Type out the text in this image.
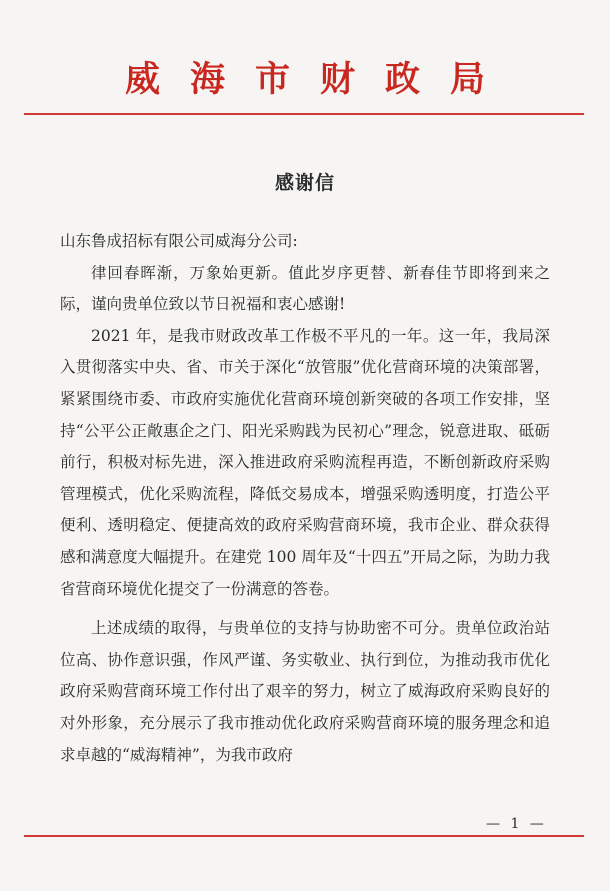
威海市财政局
感谢信

山东鲁成招标有限公司威海分公司:

律回春晖渐，万象始更新。值此岁序更替、新春佳节即将到来之际，谨向贵单位致以节日祝福和衷心感谢!

2021 年，是我市财政改革工作极不平凡的一年。这一年，我局深入贯彻落实中央、省、市关于深化“放管服”优化营商环境的决策部署，紧紧围绕市委、市政府实施优化营商环境创新突破的各项工作安排，坚持“公平公正敞惠企之门、阳光采购践为民初心”理念，锐意进取、砥砺前行，积极对标先进，深入推进政府采购流程再造，不断创新政府采购管理模式，优化采购流程，降低交易成本，增强采购透明度，打造公平便利、透明稳定、便捷高效的政府采购营商环境，我市企业、群众获得感和满意度大幅提升。在建党 100 周年及“十四五”开局之际，为助力我省营商环境优化提交了一份满意的答卷。

上述成绩的取得，与贵单位的支持与协助密不可分。贵单位政治站位高、协作意识强，作风严谨、务实敬业、执行到位，为推动我市优化政府采购营商环境工作付出了艰辛的努力，树立了威海政府采购良好的对外形象，充分展示了我市推动优化政府采购营商环境的服务理念和追求卓越的“威海精神”，为我市政府

— 1 —
